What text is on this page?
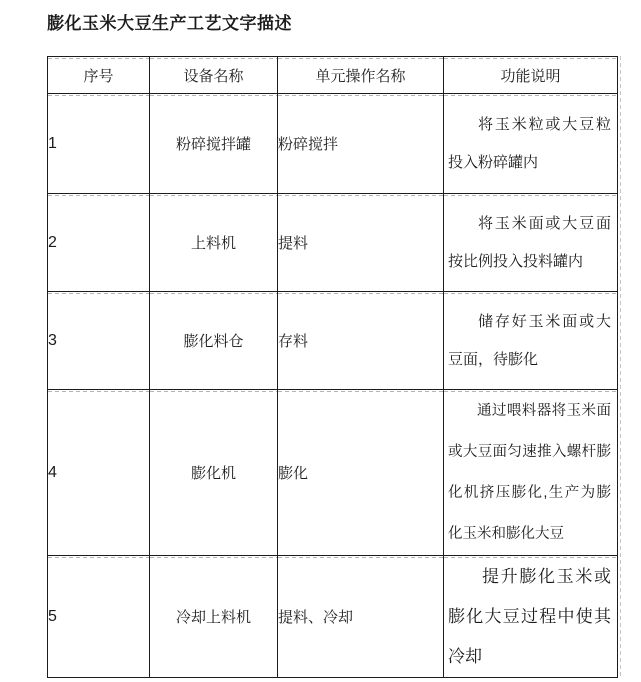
膨化玉米大豆生产工艺文字描述
序号	设备名称	单元操作名称	功能说明
1	粉碎搅拌罐	粉碎搅拌	将玉米粒或大豆粒投入粉碎罐内

2	上料机	提料	将玉米面或大豆面按比例投入投料罐内

3	膨化料仓	存料	储存好玉米面或大豆面，待膨化

4	膨化机	膨化	通过喂料器将玉米面或大豆面匀速推入螺杆膨化机挤压膨化,生产为膨化玉米和膨化大豆

5	冷却上料机	提料、冷却	提升膨化玉米或膨化大豆过程中使其冷却
